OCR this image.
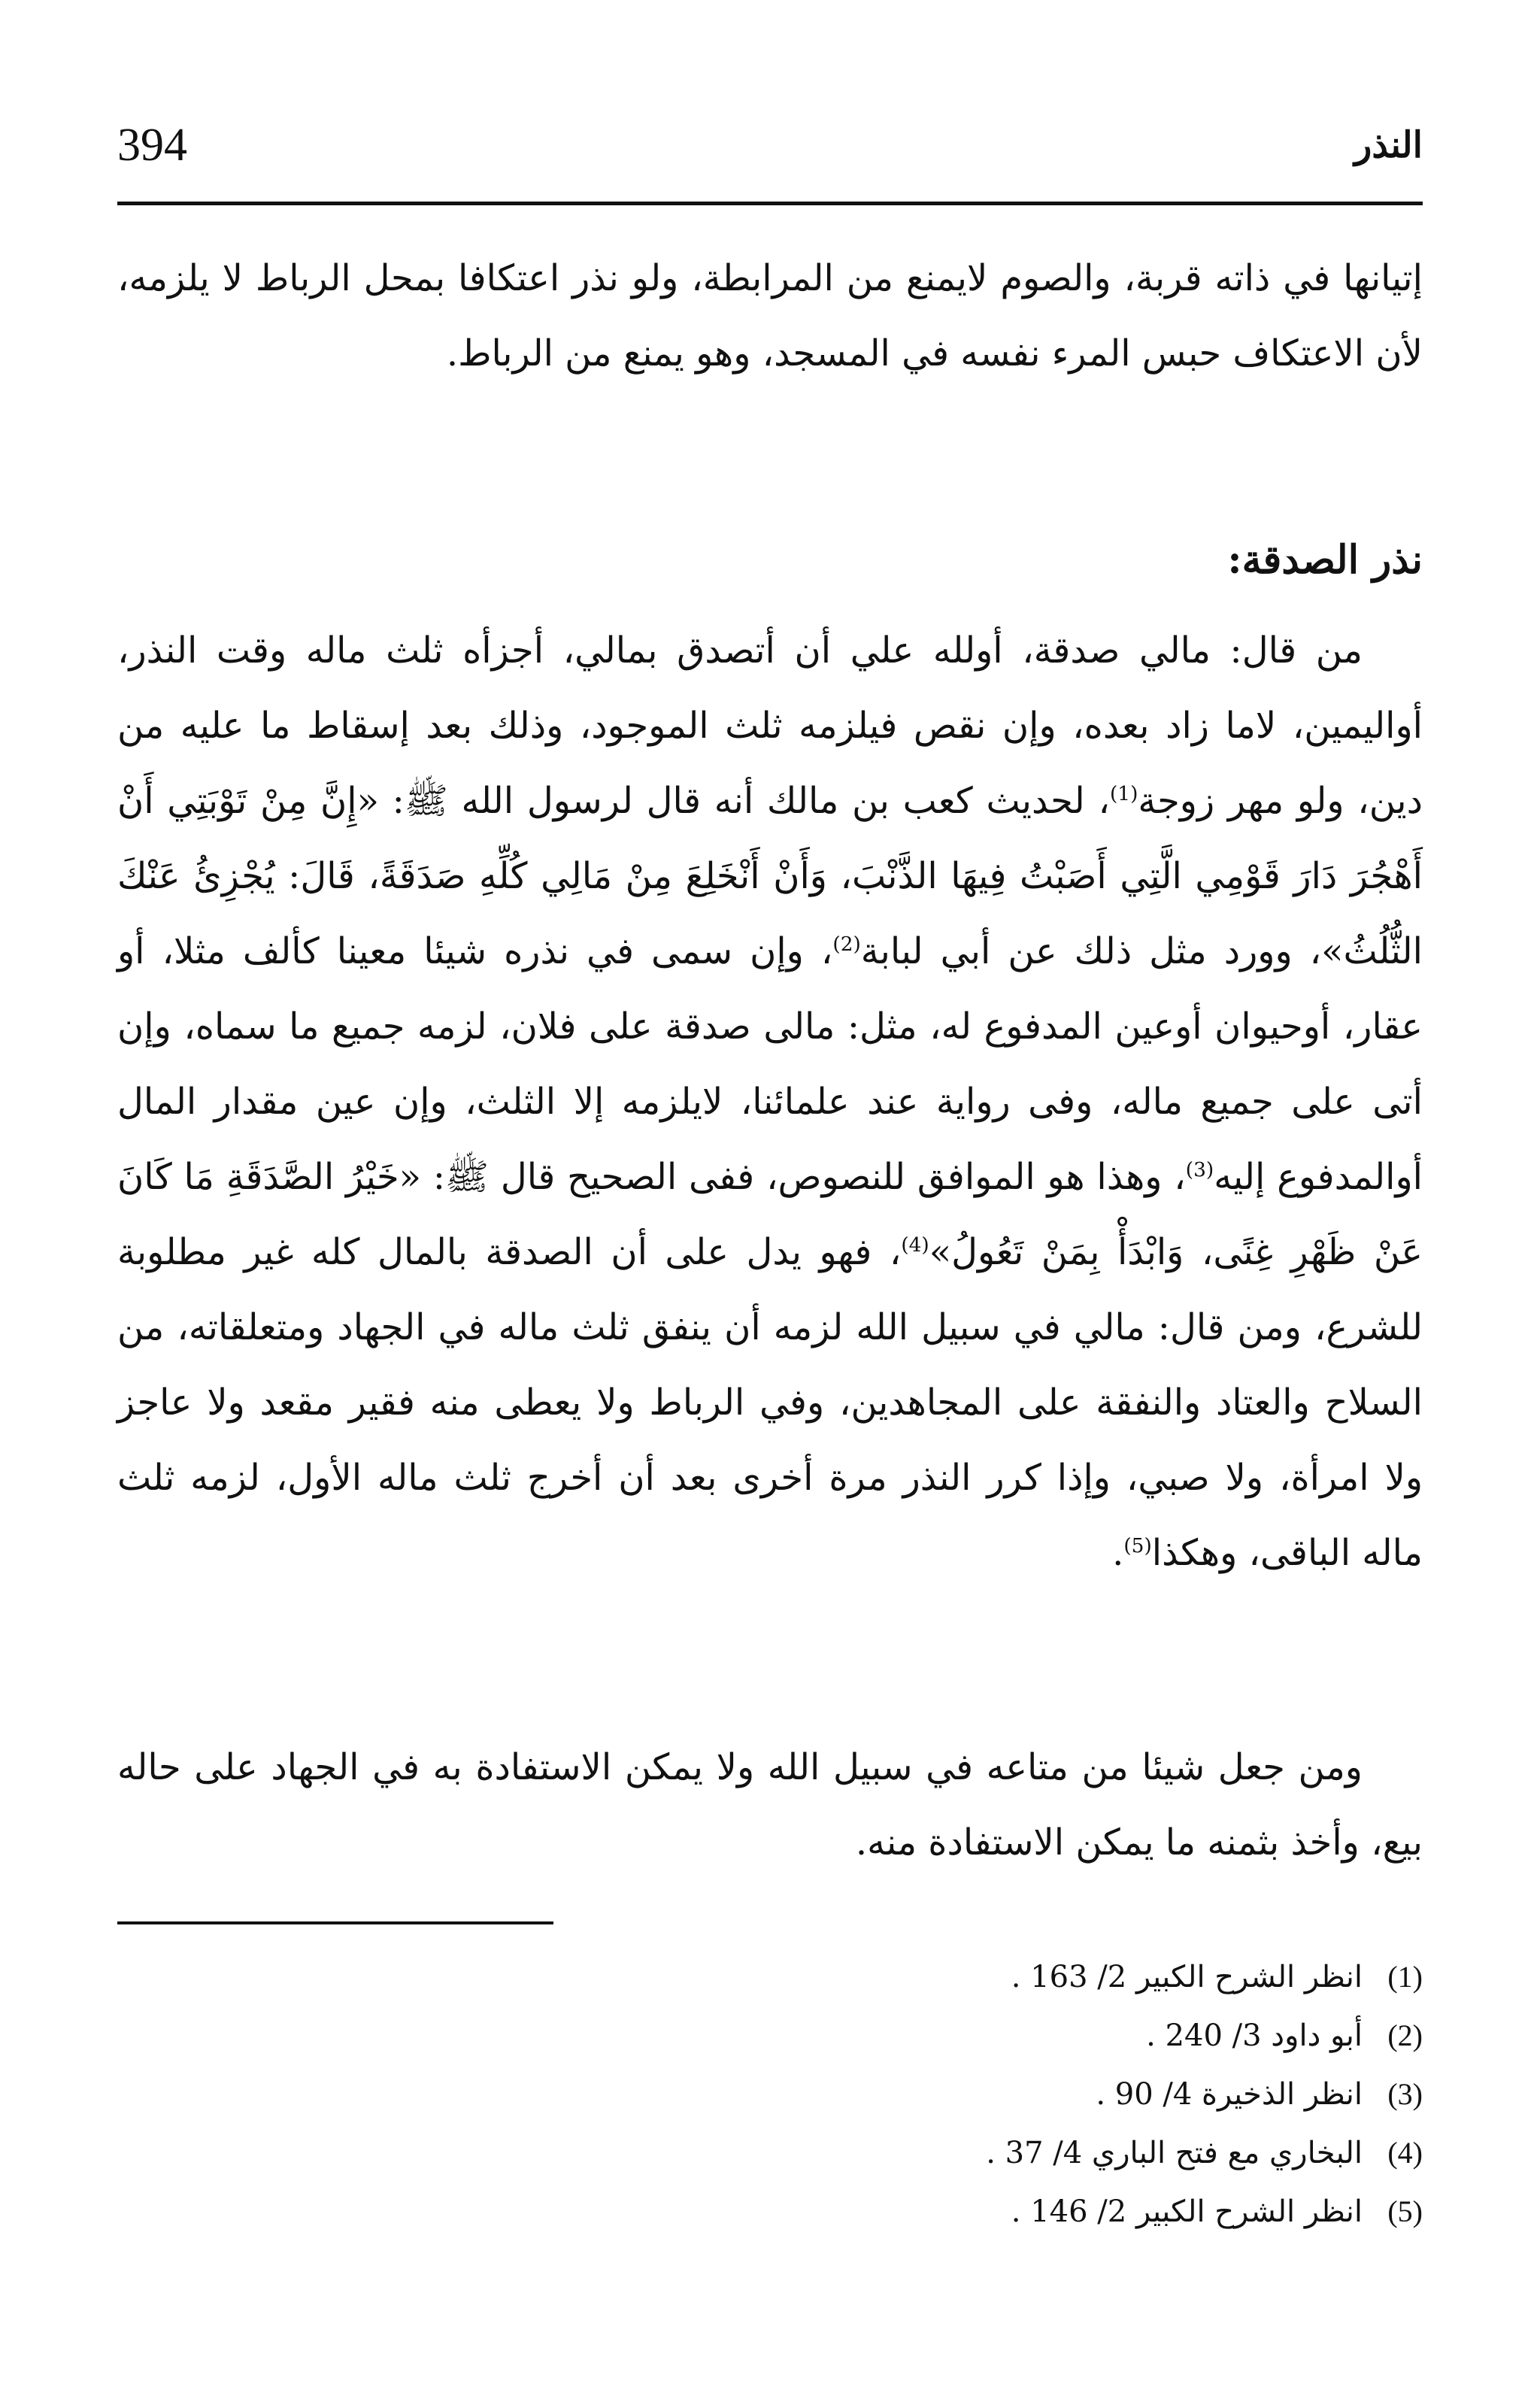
394	النذر

إتيانها في ذاته قربة، والصوم لايمنع من المرابطة، ولو نذر اعتكافا بمحل الرباط لا يلزمه، لأن الاعتكاف حبس المرء نفسه في المسجد، وهو يمنع من الرباط.

نذر الصدقة:

من قال: مالي صدقة، أولله علي أن أتصدق بمالي، أجزأه ثلث ماله وقت النذر، أواليمين، لاما زاد بعده، وإن نقص فيلزمه ثلث الموجود، وذلك بعد إسقاط ما عليه من دين، ولو مهر زوجة$^{(1)}$، لحديث كعب بن مالك أنه قال لرسول الله ﷺ: «إِنَّ مِنْ تَوْبَتِي أَنْ أَهْجُرَ دَارَ قَوْمِي الَّتِي أَصَبْتُ فِيهَا الذَّنْبَ، وَأَنْ أَنْخَلِعَ مِنْ مَالِي كُلِّهِ صَدَقَةً، قَالَ: يُجْزِئُ عَنْكَ الثُّلُثُ»، وورد مثل ذلك عن أبي لبابة$^{(2)}$، وإن سمى في نذره شيئا معينا كألف مثلا، أو عقار، أوحيوان أوعين المدفوع له، مثل: مالى صدقة على فلان، لزمه جميع ما سماه، وإن أتى على جميع ماله، وفى رواية عند علمائنا، لايلزمه إلا الثلث، وإن عين مقدار المال أوالمدفوع إليه$^{(3)}$، وهذا هو الموافق للنصوص، ففى الصحيح قال ﷺ: «خَيْرُ الصَّدَقَةِ مَا كَانَ عَنْ ظَهْرِ غِنًى، وَابْدَأْ بِمَنْ تَعُولُ»$^{(4)}$، فهو يدل على أن الصدقة بالمال كله غير مطلوبة للشرع، ومن قال: مالي في سبيل الله لزمه أن ينفق ثلث ماله في الجهاد ومتعلقاته، من السلاح والعتاد والنفقة على المجاهدين، وفي الرباط ولا يعطى منه فقير مقعد ولا عاجز ولا امرأة، ولا صبي، وإذا كرر النذر مرة أخرى بعد أن أخرج ثلث ماله الأول، لزمه ثلث ماله الباقى، وهكذا$^{(5)}$.

ومن جعل شيئا من متاعه في سبيل الله ولا يمكن الاستفادة به في الجهاد على حاله بيع، وأخذ بثمنه ما يمكن الاستفادة منه.

(1)انظر الشرح الكبير 2/ 163 .
(2)أبو داود 3/ 240 .
(3)انظر الذخيرة 4/ 90 .
(4)البخاري مع فتح الباري 4/ 37 .
(5)انظر الشرح الكبير 2/ 146 .
